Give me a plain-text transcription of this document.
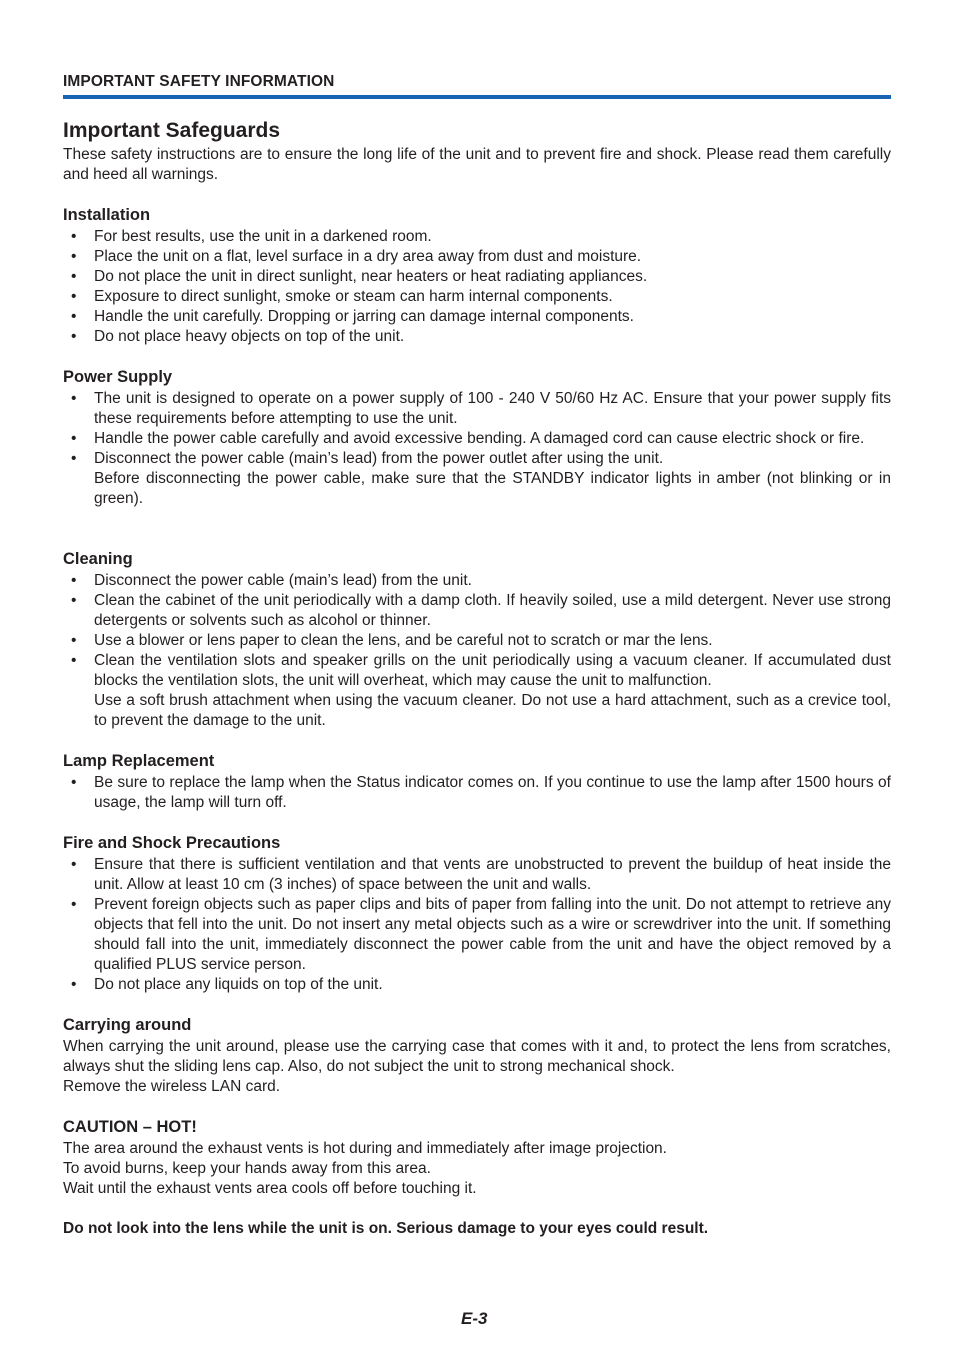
IMPORTANT SAFETY INFORMATION
Important Safeguards

These safety instructions are to ensure the long life of the unit and to prevent fire and shock. Please read them carefully and heed all warnings.

Installation
• For best results, use the unit in a darkened room.
• Place the unit on a flat, level surface in a dry area away from dust and moisture.
• Do not place the unit in direct sunlight, near heaters or heat radiating appliances.
• Exposure to direct sunlight, smoke or steam can harm internal components.
• Handle the unit carefully. Dropping or jarring can damage internal components.
• Do not place heavy objects on top of the unit.
Power Supply
• The unit is designed to operate on a power supply of 100 - 240 V 50/60 Hz AC. Ensure that your power supply fits these requirements before attempting to use the unit.
• Handle the power cable carefully and avoid excessive bending. A damaged cord can cause electric shock or fire.
• Disconnect the power cable (main’s lead) from the power outlet after using the unit.
Before disconnecting the power cable, make sure that the STANDBY indicator lights in amber (not blinking or in green).
Cleaning
• Disconnect the power cable (main’s lead) from the unit.
• Clean the cabinet of the unit periodically with a damp cloth. If heavily soiled, use a mild detergent. Never use strong detergents or solvents such as alcohol or thinner.
• Use a blower or lens paper to clean the lens, and be careful not to scratch or mar the lens.
• Clean the ventilation slots and speaker grills on the unit periodically using a vacuum cleaner. If accumulated dust blocks the ventilation slots, the unit will overheat, which may cause the unit to malfunction.
Use a soft brush attachment when using the vacuum cleaner. Do not use a hard attachment, such as a crevice tool, to prevent the damage to the unit.
Lamp Replacement
• Be sure to replace the lamp when the Status indicator comes on. If you continue to use the lamp after 1500 hours of usage, the lamp will turn off.
Fire and Shock Precautions
• Ensure that there is sufficient ventilation and that vents are unobstructed to prevent the buildup of heat inside the unit. Allow at least 10 cm (3 inches) of space between the unit and walls.
• Prevent foreign objects such as paper clips and bits of paper from falling into the unit. Do not attempt to retrieve any objects that fell into the unit. Do not insert any metal objects such as a wire or screwdriver into the unit. If something should fall into the unit, immediately disconnect the power cable from the unit and have the object removed by a qualified PLUS service person.
• Do not place any liquids on top of the unit.
Carrying around

When carrying the unit around, please use the carrying case that comes with it and, to protect the lens from scratches, always shut the sliding lens cap. Also, do not subject the unit to strong mechanical shock.

Remove the wireless LAN card.

CAUTION – HOT!

The area around the exhaust vents is hot during and immediately after image projection.

To avoid burns, keep your hands away from this area.

Wait until the exhaust vents area cools off before touching it.

Do not look into the lens while the unit is on. Serious damage to your eyes could result.
E-3
